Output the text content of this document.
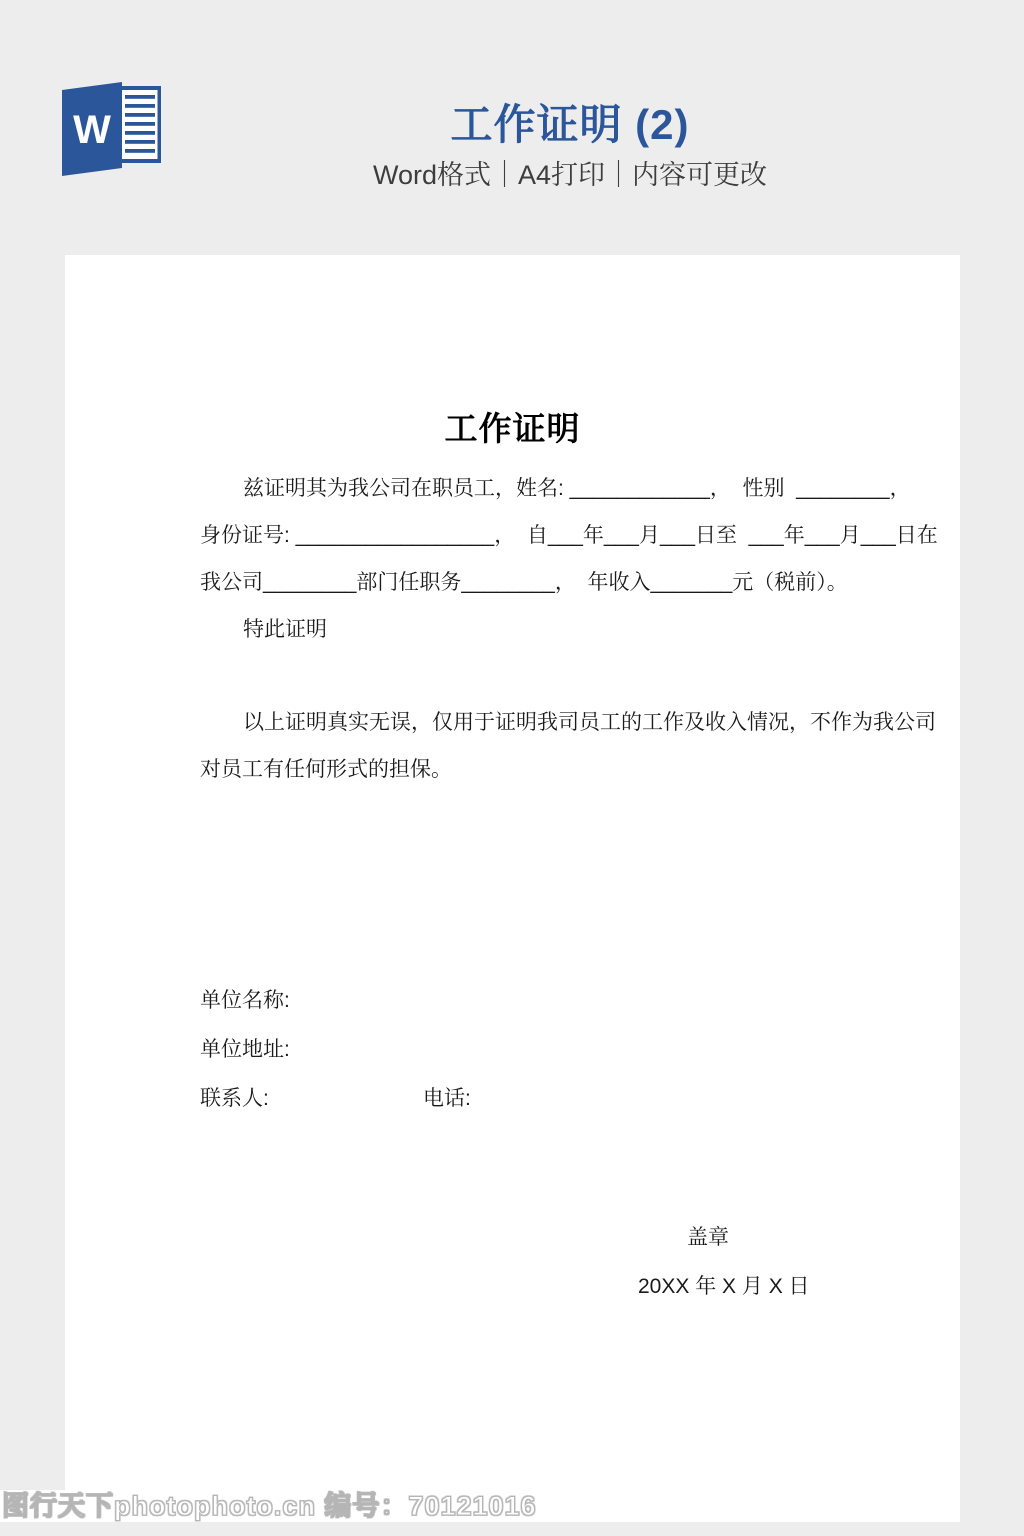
W	工作证明 (2)
Word格式｜A4打印｜内容可更改
工作证明
兹证明其为我公司在职员工，姓名: ____________，  性别  ________，
身份证号: _________________，  自___年___月___日至  ___年___月___日在
我公司________部门任职务________，  年收入_______元（税前）。
特此证明
以上证明真实无误，仅用于证明我司员工的工作及收入情况，不作为我公司
对员工有任何形式的担保。
单位名称:
单位地址:
联系人:	电话:
盖章
20XX 年 X 月 X 日
图行天下photophoto.cn 编号：70121016
